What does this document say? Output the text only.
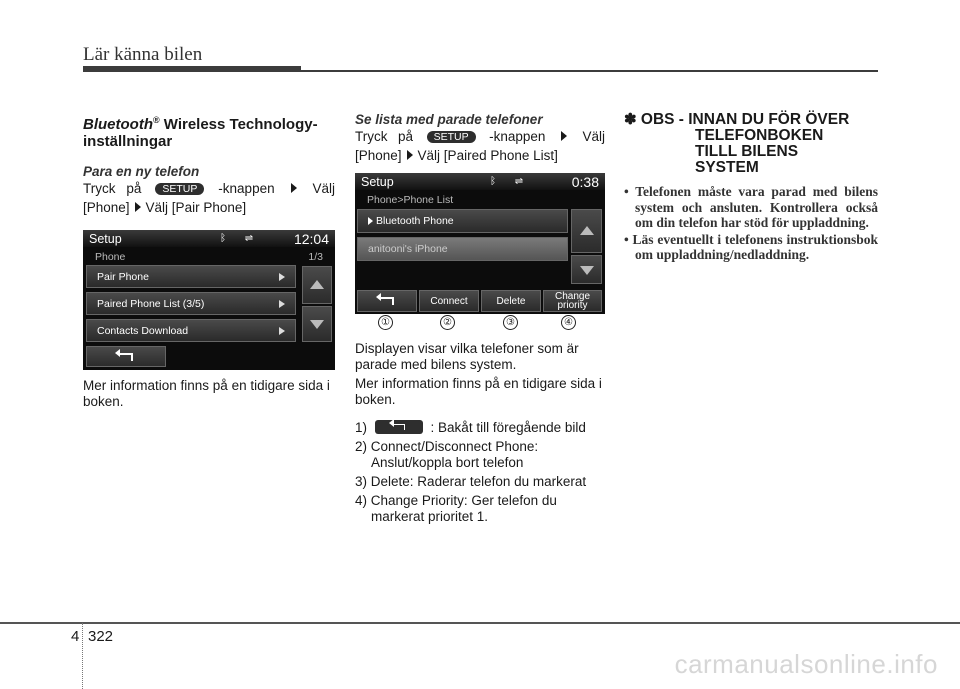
Lär känna bilen
Bluetooth® Wireless Technology-inställningar
Para en ny telefon

Tryck på SETUP -knappen	Välj

[Phone] Välj [Pair Phone]

Setup	ᛒ	⇌	12:04
Phone	1/3
Pair Phone
Paired Phone List (3/5)
Contacts Download

Mer information finns på en tidigare sida i boken.

Se lista med parade telefoner

Tryck på SETUP -knappen	Välj

[Phone] Välj [Paired Phone List]

Setup	ᛒ	⇌	0:38
Phone>Phone List
Bluetooth Phone
anitooni's iPhone
Connect	Delete	Change priority
①	②	③	④

Displayen visar vilka telefoner som är parade med bilens system.

Mer information finns på en tidigare sida i boken.

1)	: Bakåt till föregående bild
2) Connect/Disconnect Phone:
Anslut/koppla bort telefon
3) Delete: Raderar telefon du markerat
4) Change Priority: Ger telefon du
markerat prioritet 1.
✽ OBS - INNAN DU FÖR ÖVER
TELEFONBOKEN
TILLL BILENS
SYSTEM
• Telefonen måste vara parad med bilens system och ansluten. Kontrollera också om din telefon har stöd för uppladdning.
• Läs eventuellt i telefonens instruktionsbok om uppladdning/nedladdning.
4 322
carmanualsonline.info
